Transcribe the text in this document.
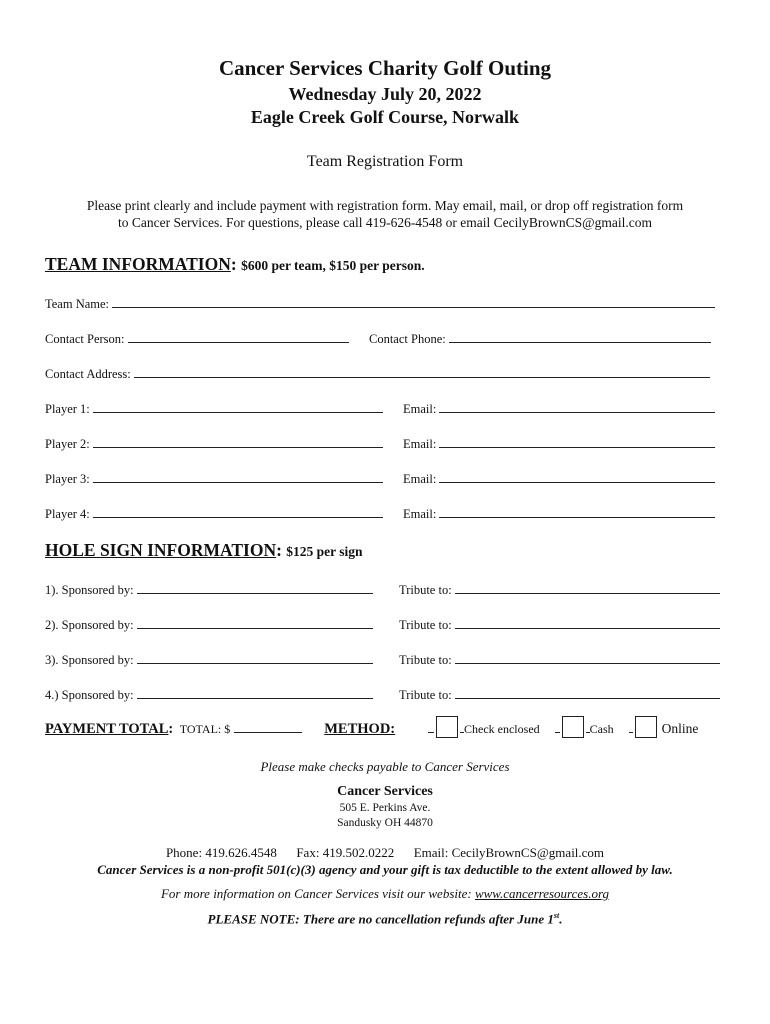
Cancer Services Charity Golf Outing
Wednesday July 20, 2022
Eagle Creek Golf Course, Norwalk
Team Registration Form
Please print clearly and include payment with registration form. May email, mail, or drop off registration form
to Cancer Services. For questions, please call 419-626-4548 or email CecilyBrownCS@gmail.com
TEAM INFORMATION: $600 per team, $150 per person.
Team Name:
Contact Person:	Contact Phone:
Contact Address:
Player 1:	Email:
Player 2:	Email:
Player 3:	Email:
Player 4:	Email:
HOLE SIGN INFORMATION: $125 per sign
1). Sponsored by:	Tribute to:
2). Sponsored by:	Tribute to:
3). Sponsored by:	Tribute to:
4.) Sponsored by:	Tribute to:
PAYMENT TOTAL: TOTAL: $	METHOD:	Check enclosed	Cash	Online
Please make checks payable to Cancer Services
Cancer Services
505 E. Perkins Ave.
Sandusky OH 44870
Phone: 419.626.4548 Fax: 419.502.0222 Email: CecilyBrownCS@gmail.com
Cancer Services is a non-profit 501(c)(3) agency and your gift is tax deductible to the extent allowed by law.
For more information on Cancer Services visit our website: www.cancerresources.org
PLEASE NOTE: There are no cancellation refunds after June 1st.
